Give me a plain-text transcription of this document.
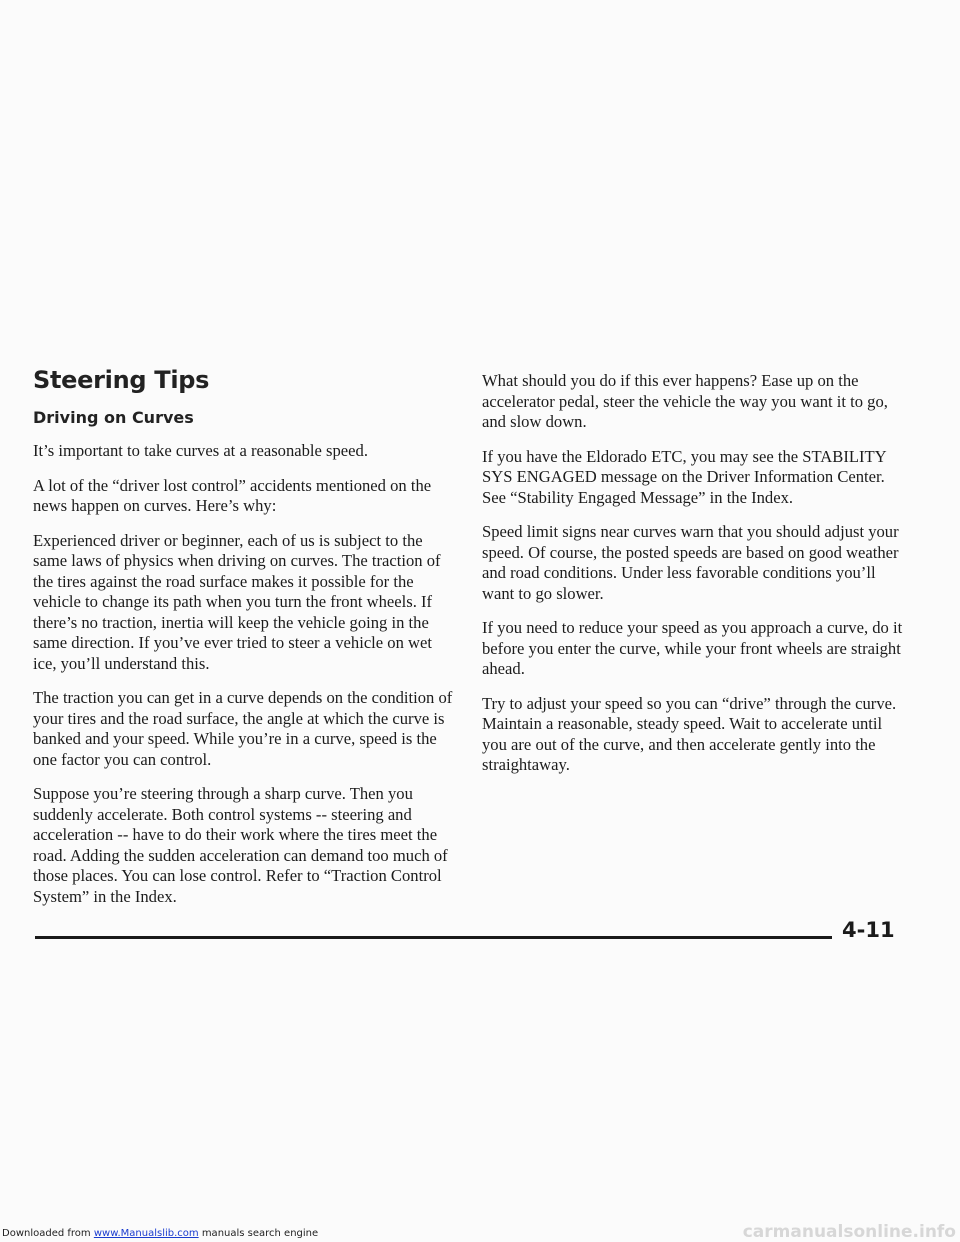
Steering Tips
Driving on Curves

It’s important to take curves at a reasonable speed.

A lot of the “driver lost control” accidents mentioned on the news happen on curves. Here’s why:

Experienced driver or beginner, each of us is subject to the same laws of physics when driving on curves. The traction of the tires against the road surface makes it possible for the vehicle to change its path when you turn the front wheels. If there’s no traction, inertia will keep the vehicle going in the same direction. If you’ve ever tried to steer a vehicle on wet ice, you’ll understand this.

The traction you can get in a curve depends on the condition of your tires and the road surface, the angle at which the curve is banked and your speed. While you’re in a curve, speed is the one factor you can control.

Suppose you’re steering through a sharp curve. Then you suddenly accelerate. Both control systems -- steering and acceleration -- have to do their work where the tires meet the road. Adding the sudden acceleration can demand too much of those places. You can lose control. Refer to “Traction Control System” in the Index.

What should you do if this ever happens? Ease up on the accelerator pedal, steer the vehicle the way you want it to go, and slow down.

If you have the Eldorado ETC, you may see the STABILITY SYS ENGAGED message on the Driver Information Center. See “Stability Engaged Message” in the Index.

Speed limit signs near curves warn that you should adjust your speed. Of course, the posted speeds are based on good weather and road conditions. Under less favorable conditions you’ll want to go slower.

If you need to reduce your speed as you approach a curve, do it before you enter the curve, while your front wheels are straight ahead.

Try to adjust your speed so you can “drive” through the curve. Maintain a reasonable, steady speed. Wait to accelerate until you are out of the curve, and then accelerate gently into the straightaway.

4-11
Downloaded from www.Manualslib.com manuals search engine	carmanualsonline.info
